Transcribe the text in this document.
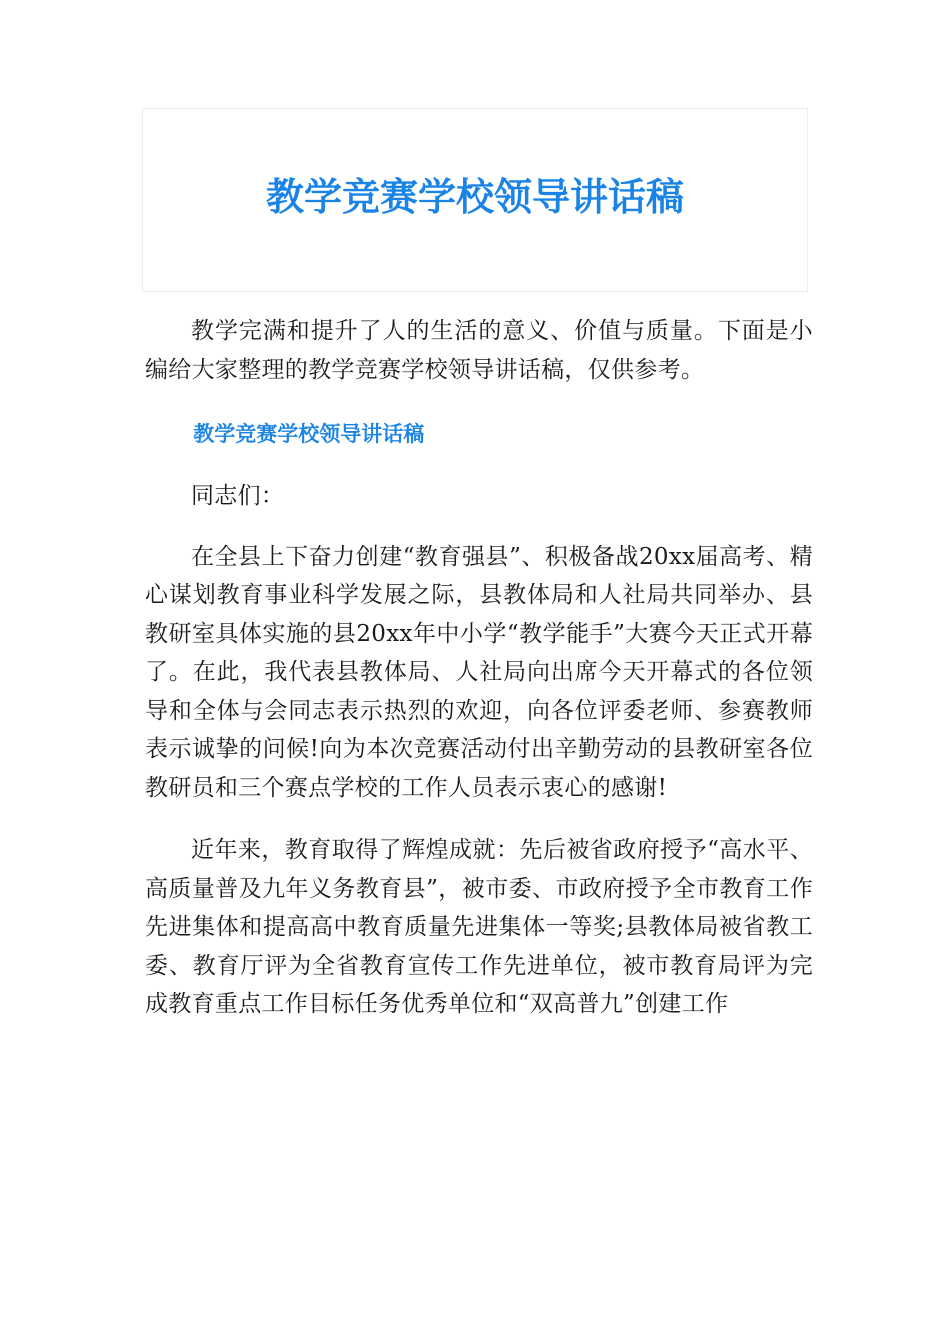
教学竞赛学校领导讲话稿

教学完满和提升了人的生活的意义、价值与质量。下面是小编给大家整理的教学竞赛学校领导讲话稿，仅供参考。

教学竞赛学校领导讲话稿

同志们：

在全县上下奋力创建“教育强县”、积极备战20xx届高考、精心谋划教育事业科学发展之际，县教体局和人社局共同举办、县教研室具体实施的县20xx年中小学“教学能手”大赛今天正式开幕了。在此，我代表县教体局、人社局向出席今天开幕式的各位领导和全体与会同志表示热烈的欢迎，向各位评委老师、参赛教师表示诚挚的问候!向为本次竞赛活动付出辛勤劳动的县教研室各位教研员和三个赛点学校的工作人员表示衷心的感谢!

近年来，教育取得了辉煌成就：先后被省政府授予“高水平、高质量普及九年义务教育县”，被市委、市政府授予全市教育工作先进集体和提高高中教育质量先进集体一等奖;县教体局被省教工委、教育厅评为全省教育宣传工作先进单位，被市教育局评为完成教育重点工作目标任务优秀单位和“双高普九”创建工作
